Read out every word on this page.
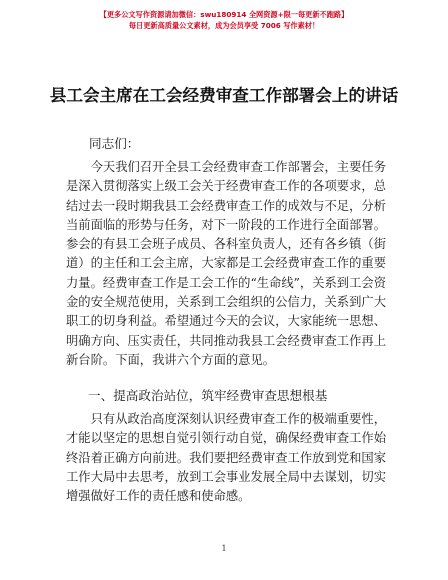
【更多公文写作资源请加微信：swu180914 全网资源+限一每更新不跑路】
每日更新高质量公文素材，成为会员享受 7006 写作素材！
县工会主席在工会经费审查工作部署会上的讲话
同志们：
今天我们召开全县工会经费审查工作部署会，主要任务是深入贯彻落实上级工会关于经费审查工作的各项要求，总结过去一段时期我县工会经费审查工作的成效与不足，分析当前面临的形势与任务，对下一阶段的工作进行全面部署。参会的有县工会班子成员、各科室负责人，还有各乡镇（街道）的主任和工会主席，大家都是工会经费审查工作的重要力量。经费审查工作是工会工作的“生命线”，关系到工会资金的安全规范使用，关系到工会组织的公信力，关系到广大职工的切身利益。希望通过今天的会议，大家能统一思想、明确方向、压实责任，共同推动我县工会经费审查工作再上新台阶。下面，我讲六个方面的意见。
一、提高政治站位，筑牢经费审查思想根基
只有从政治高度深刻认识经费审查工作的极端重要性，才能以坚定的思想自觉引领行动自觉，确保经费审查工作始终沿着正确方向前进。我们要把经费审查工作放到党和国家工作大局中去思考，放到工会事业发展全局中去谋划，切实增强做好工作的责任感和使命感。
1
